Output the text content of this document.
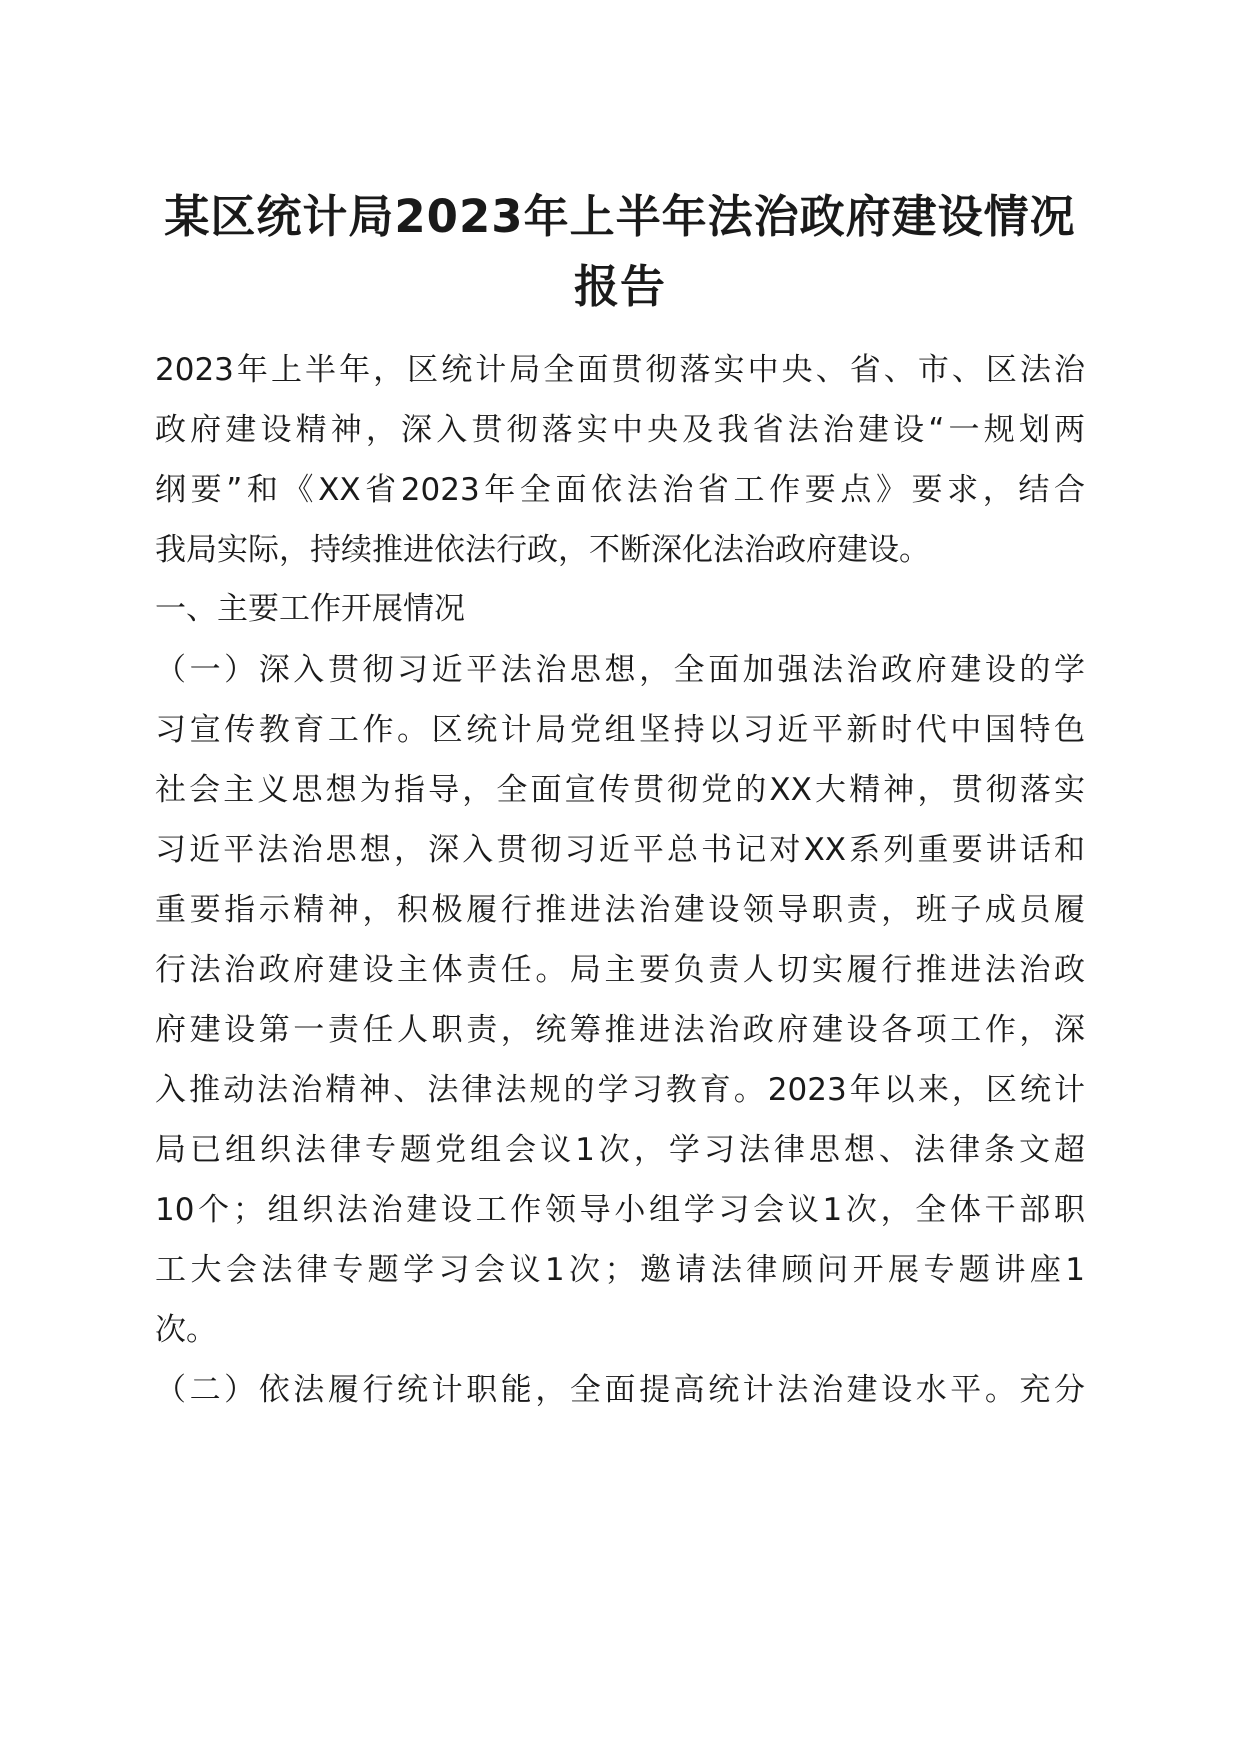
某区统计局2023年上半年法治政府建设情况
报告

2023年上半年，区统计局全面贯彻落实中央、省、市、区法治

政府建设精神，深入贯彻落实中央及我省法治建设“一规划两

纲要”和《XX省2023年全面依法治省工作要点》要求，结合

我局实际，持续推进依法行政，不断深化法治政府建设。

一、主要工作开展情况

（一）深入贯彻习近平法治思想，全面加强法治政府建设的学

习宣传教育工作。区统计局党组坚持以习近平新时代中国特色

社会主义思想为指导，全面宣传贯彻党的XX大精神，贯彻落实

习近平法治思想，深入贯彻习近平总书记对XX系列重要讲话和

重要指示精神，积极履行推进法治建设领导职责，班子成员履

行法治政府建设主体责任。局主要负责人切实履行推进法治政

府建设第一责任人职责，统筹推进法治政府建设各项工作，深

入推动法治精神、法律法规的学习教育。2023年以来，区统计

局已组织法律专题党组会议1次，学习法律思想、法律条文超

10个；组织法治建设工作领导小组学习会议1次，全体干部职

工大会法律专题学习会议1次；邀请法律顾问开展专题讲座1

次。

（二）依法履行统计职能，全面提高统计法治建设水平。充分
